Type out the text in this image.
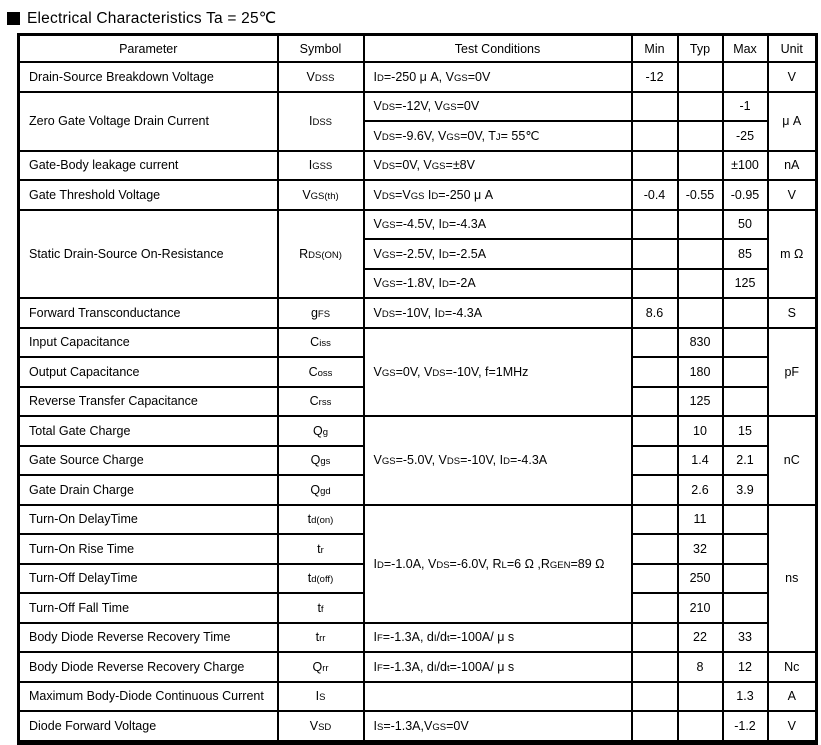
Electrical Characteristics Ta = 25℃
Parameter	Symbol	Test Conditions	Min	Typ	Max	Unit
Drain-Source Breakdown Voltage	VDSS	ID=-250 μ A, VGS=0V	-12			V
Zero Gate Voltage Drain Current	IDSS	VDS=-12V, VGS=0V			-1	μ A
		VDS=-9.6V, VGS=0V, TJ= 55℃			-25	
Gate-Body leakage current	IGSS	VDS=0V, VGS=±8V			±100	nA
Gate Threshold Voltage	VGS(th)	VDS=VGS ID=-250 μ A	-0.4	-0.55	-0.95	V
Static Drain-Source On-Resistance	RDS(ON)	VGS=-4.5V, ID=-4.3A			50	m Ω
		VGS=-2.5V, ID=-2.5A			85	
		VGS=-1.8V, ID=-2A			125	
Forward Transconductance	gFS	VDS=-10V, ID=-4.3A	8.6			S
Input Capacitance	Ciss	VGS=0V, VDS=-10V, f=1MHz		830		pF
Output Capacitance	Coss			180		
Reverse Transfer Capacitance	Crss			125		
Total Gate Charge	Qg	VGS=-5.0V, VDS=-10V, ID=-4.3A		10	15	nC
Gate Source Charge	Qgs			1.4	2.1	
Gate Drain Charge	Qgd			2.6	3.9	
Turn-On DelayTime	td(on)	ID=-1.0A, VDS=-6.0V, RL=6 Ω ,RGEN=89 Ω		11		ns
Turn-On Rise Time	tr			32		
Turn-Off DelayTime	td(off)			250		
Turn-Off Fall Time	tf			210		
Body Diode Reverse Recovery Time	trr	IF=-1.3A, dI/dt=-100A/ μ s		22	33	
Body Diode Reverse Recovery Charge	Qrr	IF=-1.3A, dI/dt=-100A/ μ s		8	12	Nc
Maximum Body-Diode Continuous Current	IS				1.3	A
Diode Forward Voltage	VSD	IS=-1.3A,VGS=0V			-1.2	V
